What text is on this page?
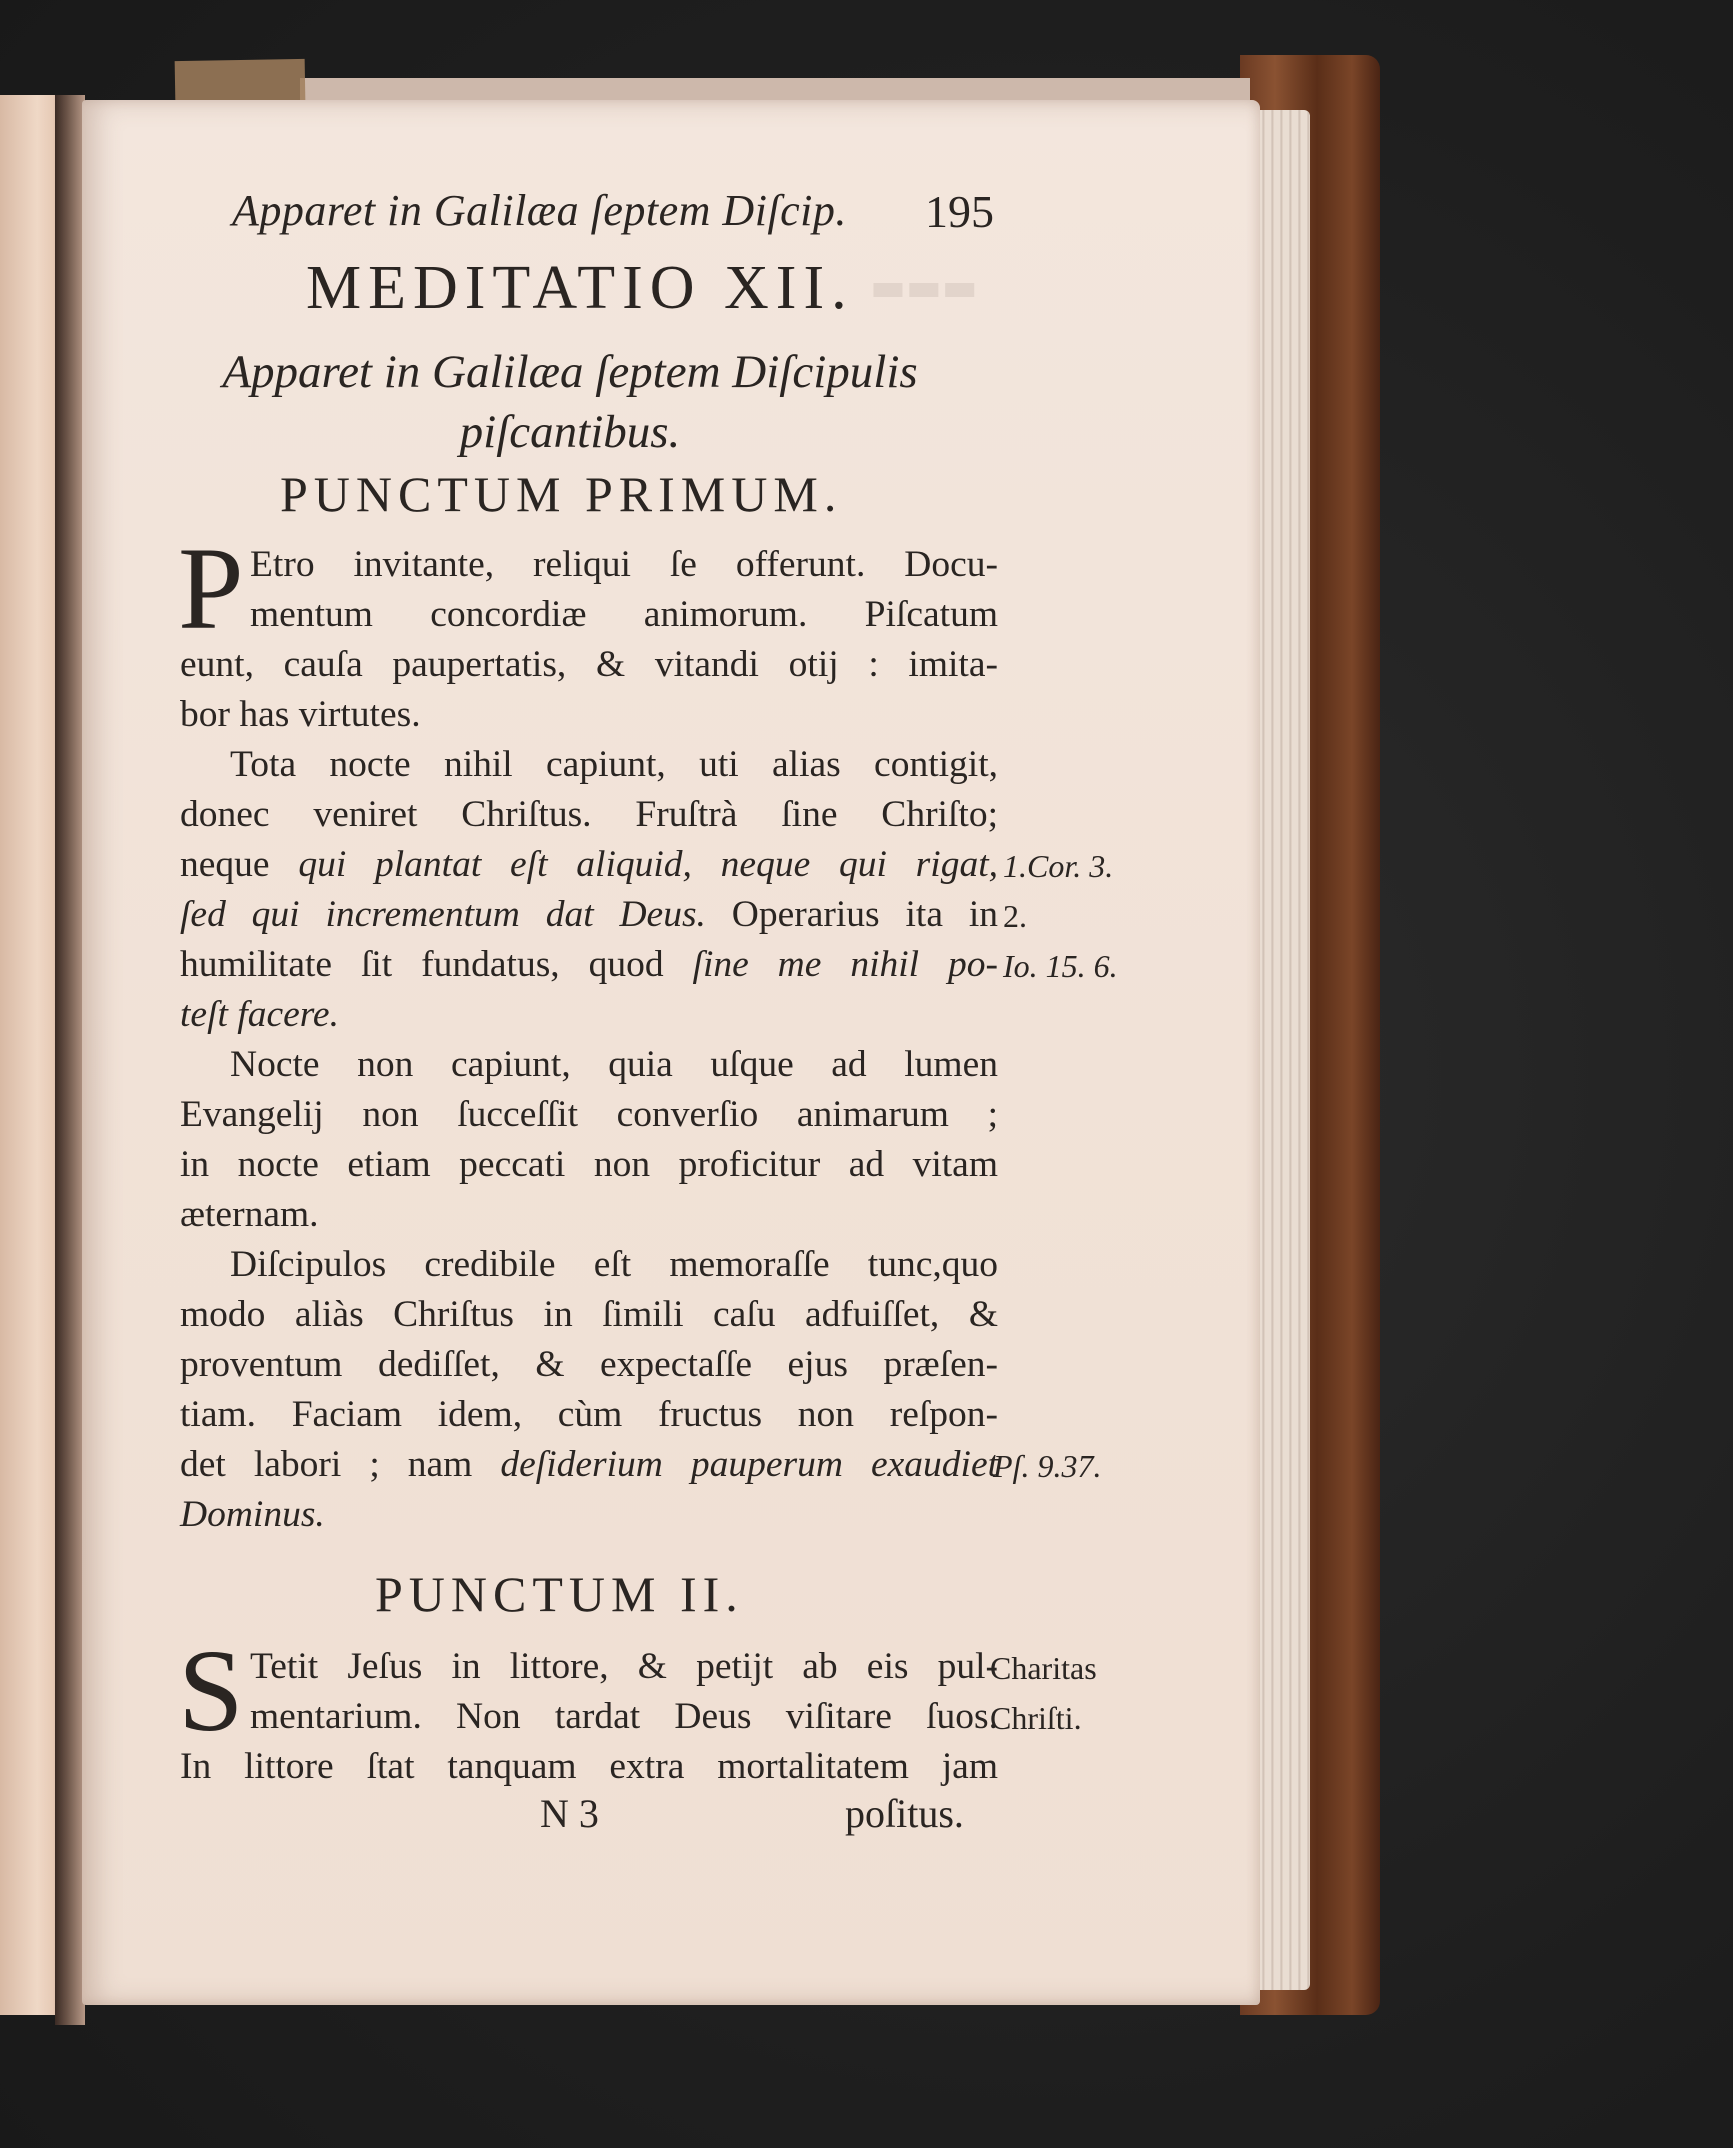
▬▬▬
Apparet in Galilæa ſeptem Diſcip. 195
MEDITATIO XII.
Apparet in Galilæa ſeptem Diſcipulis
piſcantibus.
PUNCTUM PRIMUM.
P Etro invitante, reliqui ſe offerunt. Docu-
mentum concordiæ animorum. Piſcatum
eunt, cauſa paupertatis, & vitandi otij : imita-
bor has virtutes.
Tota nocte nihil capiunt, uti alias contigit,
donec veniret Chriſtus. Fruſtrà ſine Chriſto;
neque qui plantat eſt aliquid, neque qui rigat,
ſed qui incrementum dat Deus. Operarius ita in
humilitate ſit fundatus, quod ſine me nihil po-
teſt facere.
Nocte non capiunt, quia uſque ad lumen
Evangelij non ſucceſſit converſio animarum ;
in nocte etiam peccati non proficitur ad vitam
æternam.
Diſcipulos credibile eſt memoraſſe tunc,quo
modo aliàs Chriſtus in ſimili caſu adfuiſſet, &
proventum dediſſet, & expectaſſe ejus præſen-
tiam. Faciam idem, cùm fructus non reſpon-
det labori ; nam deſiderium pauperum exaudiet
Dominus.
PUNCTUM II.
S Tetit Jeſus in littore, & petijt ab eis pul-
mentarium. Non tardat Deus viſitare ſuos.
In littore ſtat tanquam extra mortalitatem jam
1.Cor. 3.
2.
Io. 15. 6.
Pſ. 9.37.
Charitas
Chriſti.
N 3	poſitus.
